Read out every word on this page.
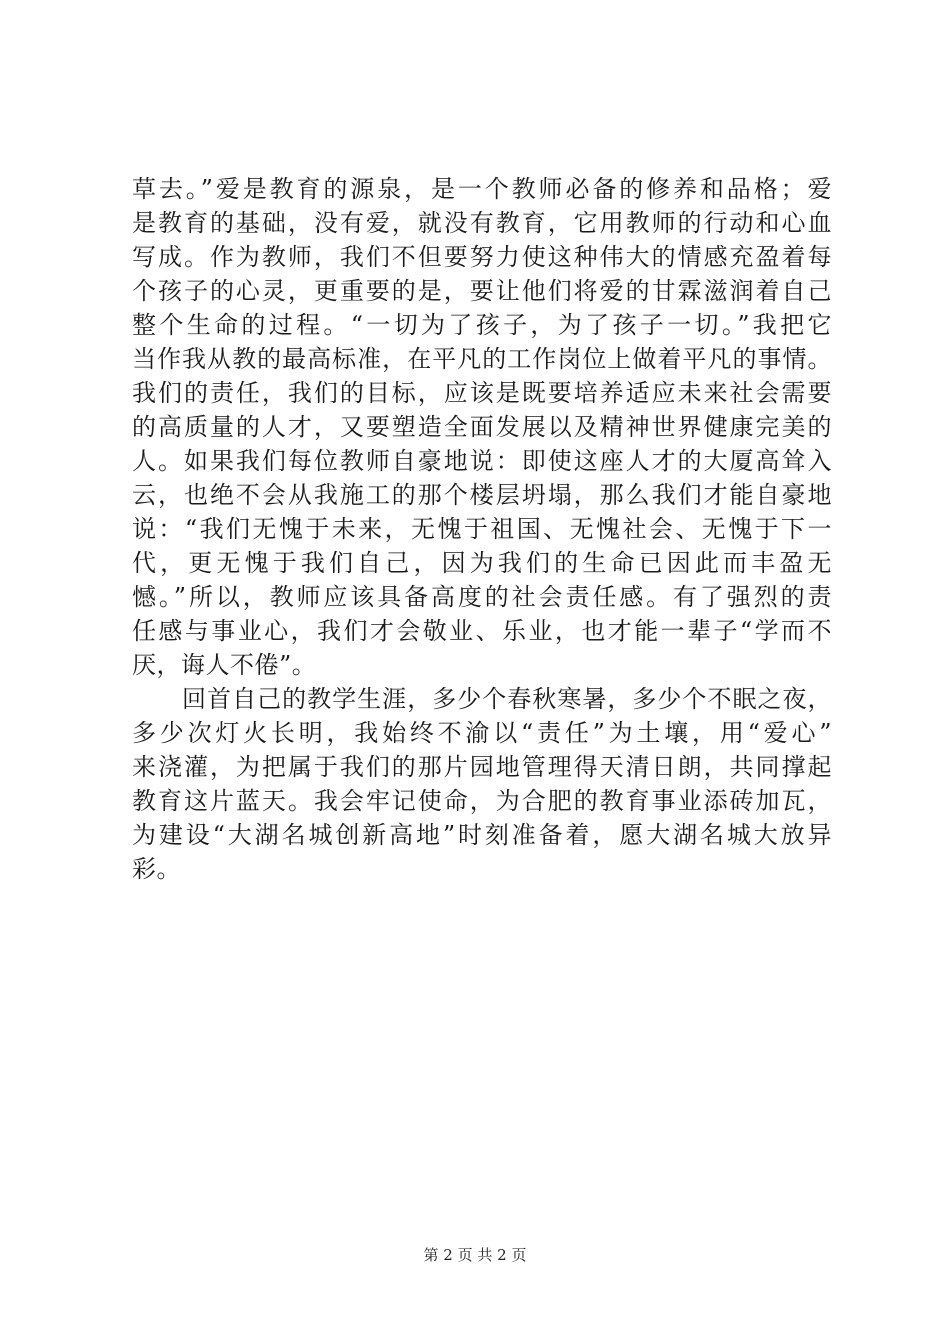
草去。”爱是教育的源泉，是一个教师必备的修养和品格；爱
是教育的基础，没有爱，就没有教育，它用教师的行动和心血
写成。作为教师，我们不但要努力使这种伟大的情感充盈着每
个孩子的心灵，更重要的是，要让他们将爱的甘霖滋润着自己
整个生命的过程。“一切为了孩子，为了孩子一切。”我把它
当作我从教的最高标准，在平凡的工作岗位上做着平凡的事情。
我们的责任，我们的目标，应该是既要培养适应未来社会需要
的高质量的人才，又要塑造全面发展以及精神世界健康完美的
人。如果我们每位教师自豪地说：即使这座人才的大厦高耸入
云，也绝不会从我施工的那个楼层坍塌，那么我们才能自豪地
说：“我们无愧于未来，无愧于祖国、无愧社会、无愧于下一
代，更无愧于我们自己，因为我们的生命已因此而丰盈无
憾。”所以，教师应该具备高度的社会责任感。有了强烈的责
任感与事业心，我们才会敬业、乐业，也才能一辈子“学而不
厌，诲人不倦”。
　　回首自己的教学生涯，多少个春秋寒暑，多少个不眠之夜，
多少次灯火长明，我始终不渝以“责任”为土壤，用“爱心”
来浇灌，为把属于我们的那片园地管理得天清日朗，共同撑起
教育这片蓝天。我会牢记使命，为合肥的教育事业添砖加瓦，
为建设“大湖名城创新高地”时刻准备着，愿大湖名城大放异
彩。
第 2 页 共 2 页
